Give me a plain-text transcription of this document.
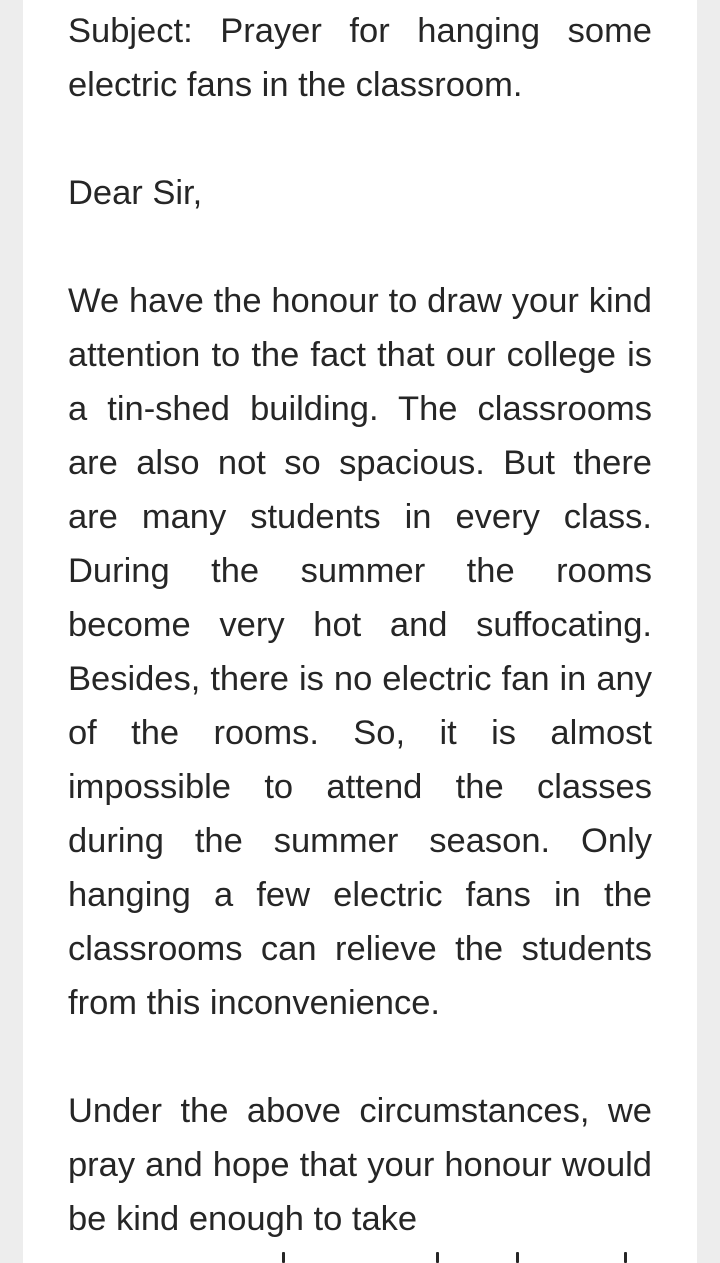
Subject: Prayer for hanging some electric fans in the classroom.

Dear Sir,

We have the honour to draw your kind attention to the fact that our college is a tin-shed building. The classrooms are also not so spacious. But there are many students in every class. During the summer the rooms become very hot and suffocating. Besides, there is no electric fan in any of the rooms. So, it is almost impossible to attend the classes during the summer season. Only hanging a few electric fans in the classrooms can relieve the students from this inconvenience.

Under the above circumstances, we pray and hope that your honour would be kind enough to take
